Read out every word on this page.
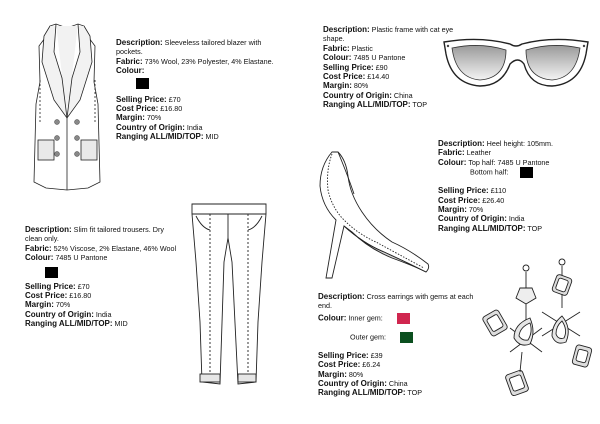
Description: Sleeveless tailored blazer with pockets.
Fabric: 73% Wool, 23% Polyester, 4% Elastane.
Colour:
Selling Price: £70
Cost Price: £16.80
Margin: 70%
Country of Origin: India
Ranging ALL/MID/TOP: MID
Description: Plastic frame with cat eye shape.
Fabric: Plastic
Colour: 7485 U Pantone
Selling Price: £90
Cost Price: £14.40
Margin: 80%
Country of Origin: China
Ranging ALL/MID/TOP: TOP
Description: Heel height: 105mm.
Fabric: Leather
Colour: Top half: 7485 U Pantone
Bottom half:
Selling Price: £110
Cost Price: £26.40
Margin: 70%
Country of Origin: India
Ranging ALL/MID/TOP: TOP
Description: Slim fit tailored trousers. Dry clean only.
Fabric: 52% Viscose, 2% Elastane, 46% Wool
Colour: 7485 U Pantone
Selling Price: £70
Cost Price: £16.80
Margin: 70%
Country of Origin: India
Ranging ALL/MID/TOP: MID
Description: Cross earrings with gems at each end.
Colour: Inner gem:
Outer gem:
Selling Price: £39
Cost Price: £6.24
Margin: 80%
Country of Origin: China
Ranging ALL/MID/TOP: TOP
